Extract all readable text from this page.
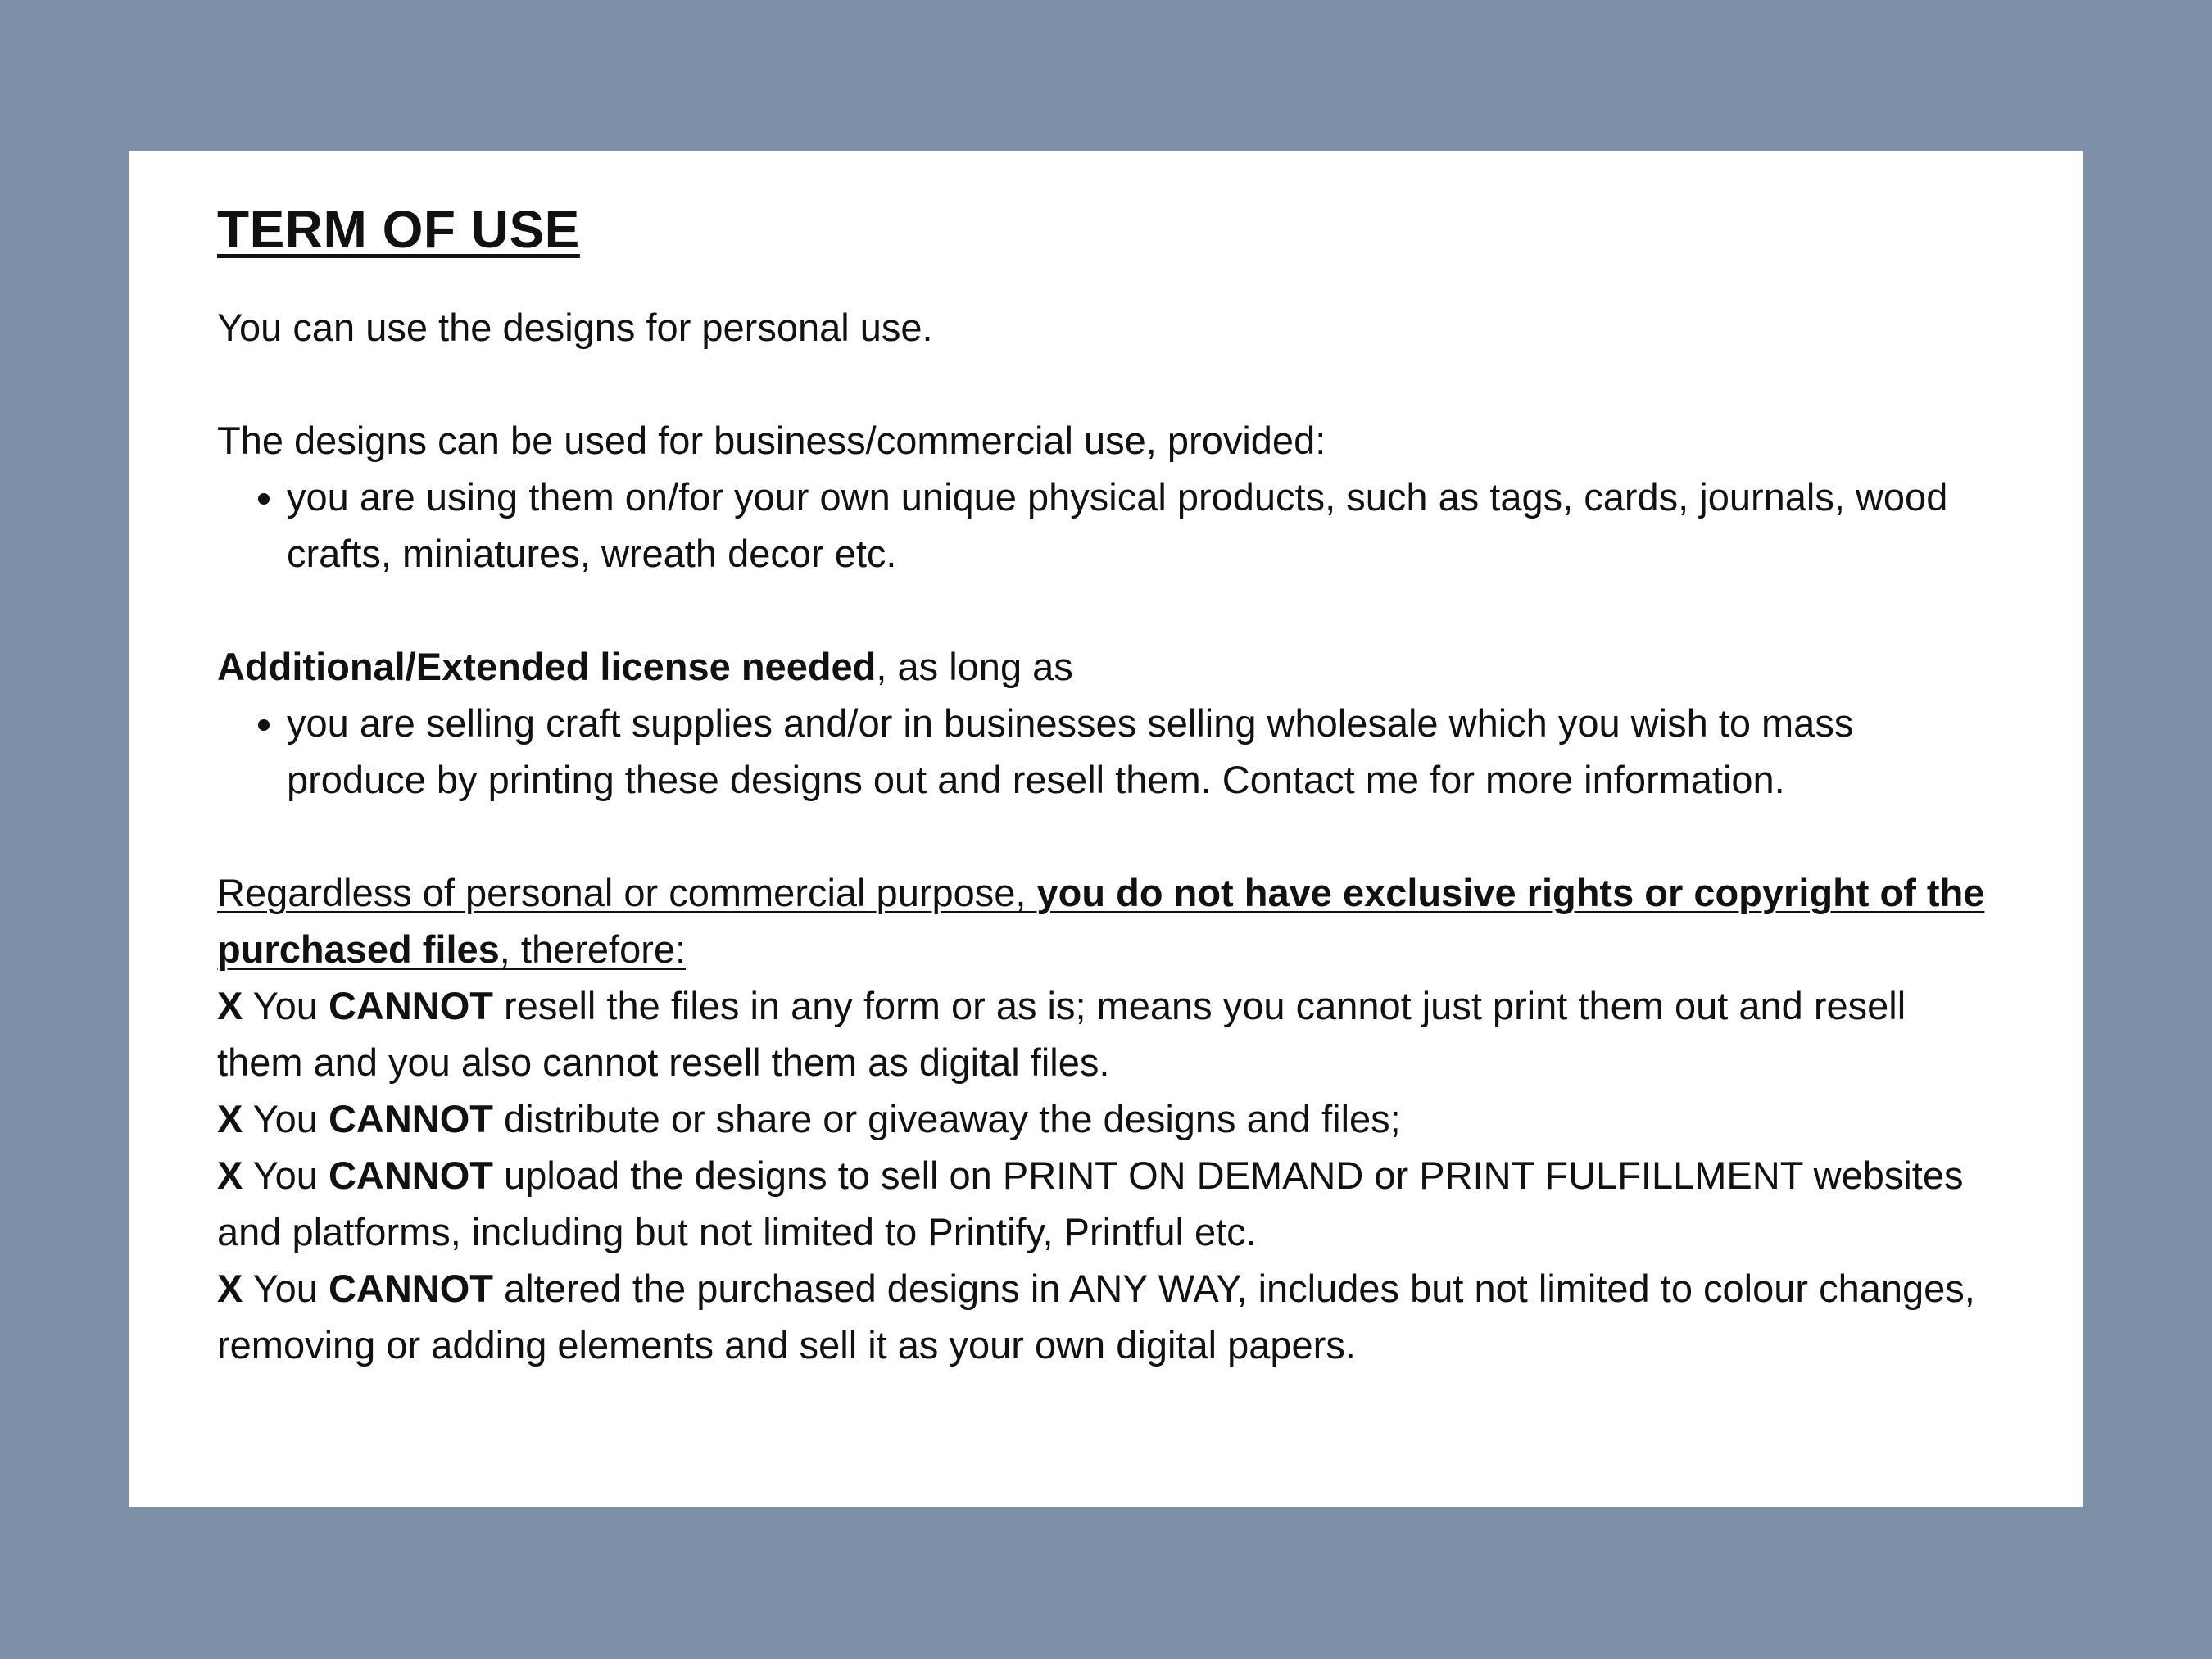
TERM OF USE

You can use the designs for personal use.

The designs can be used for business/commercial use, provided:

• you are using them on/for your own unique physical products, such as tags, cards, journals, wood crafts, miniatures, wreath decor etc.

Additional/Extended license needed, as long as

• you are selling craft supplies and/or in businesses selling wholesale which you wish to mass produce by printing these designs out and resell them. Contact me for more information.

Regardless of personal or commercial purpose, you do not have exclusive rights or copyright of the purchased files, therefore:

X You CANNOT resell the files in any form or as is; means you cannot just print them out and resell them and you also cannot resell them as digital files.

X You CANNOT distribute or share or giveaway the designs and files;

X You CANNOT upload the designs to sell on PRINT ON DEMAND or PRINT FULFILLMENT websites and platforms, including but not limited to Printify, Printful etc.

X You CANNOT altered the purchased designs in ANY WAY, includes but not limited to colour changes, removing or adding elements and sell it as your own digital papers.
